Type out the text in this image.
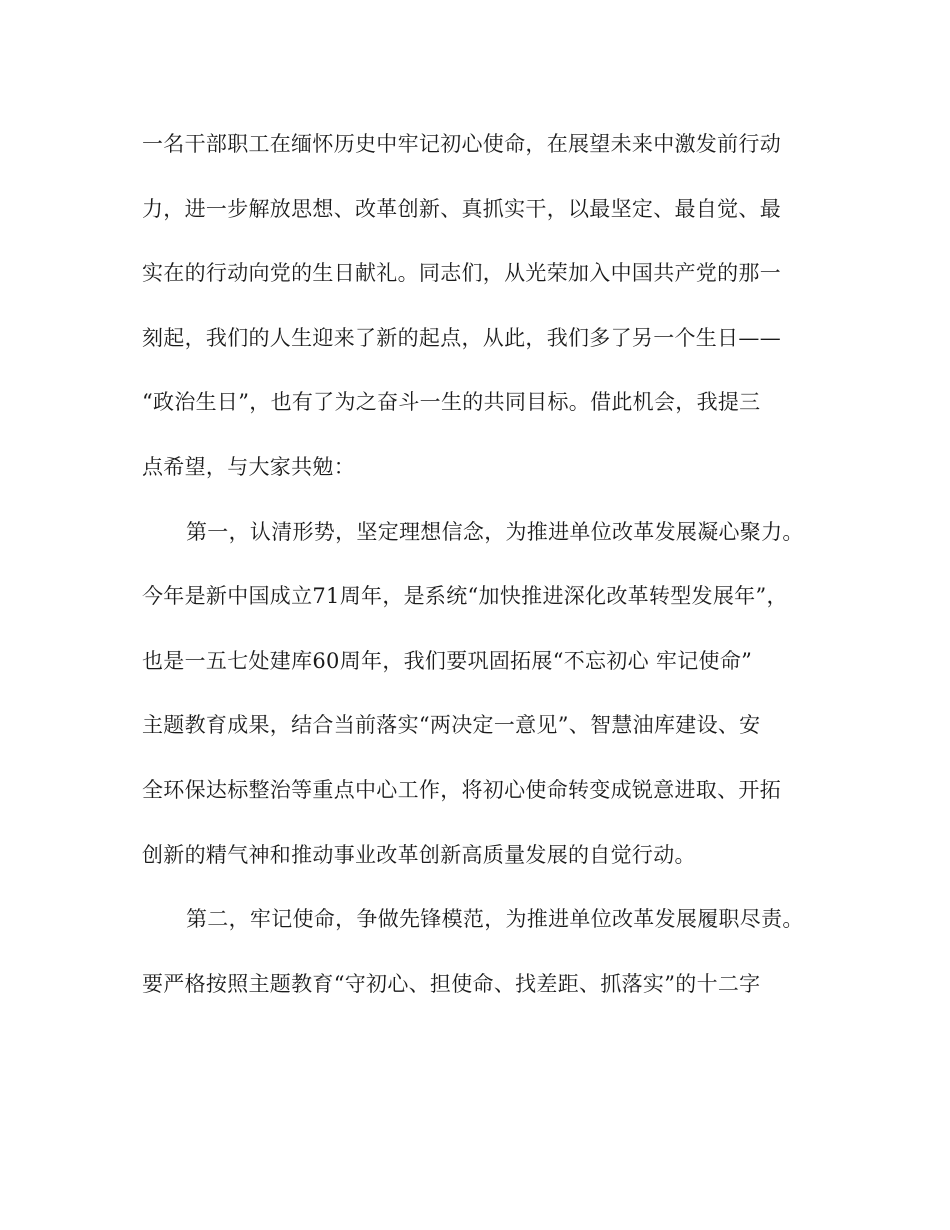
一名干部职工在缅怀历史中牢记初心使命，在展望未来中激发前行动
力，进一步解放思想、改革创新、真抓实干，以最坚定、最自觉、最
实在的行动向党的生日献礼。同志们，从光荣加入中国共产党的那一
刻起，我们的人生迎来了新的起点，从此，我们多了另一个生日——
“政治生日”，也有了为之奋斗一生的共同目标。借此机会，我提三
点希望，与大家共勉：
第一，认清形势，坚定理想信念，为推进单位改革发展凝心聚力。
今年是新中国成立71周年，是系统“加快推进深化改革转型发展年”，
也是一五七处建库60周年，我们要巩固拓展“不忘初心 牢记使命”
主题教育成果，结合当前落实“两决定一意见”、智慧油库建设、安
全环保达标整治等重点中心工作，将初心使命转变成锐意进取、开拓
创新的精气神和推动事业改革创新高质量发展的自觉行动。
第二，牢记使命，争做先锋模范，为推进单位改革发展履职尽责。
要严格按照主题教育“守初心、担使命、找差距、抓落实”的十二字
